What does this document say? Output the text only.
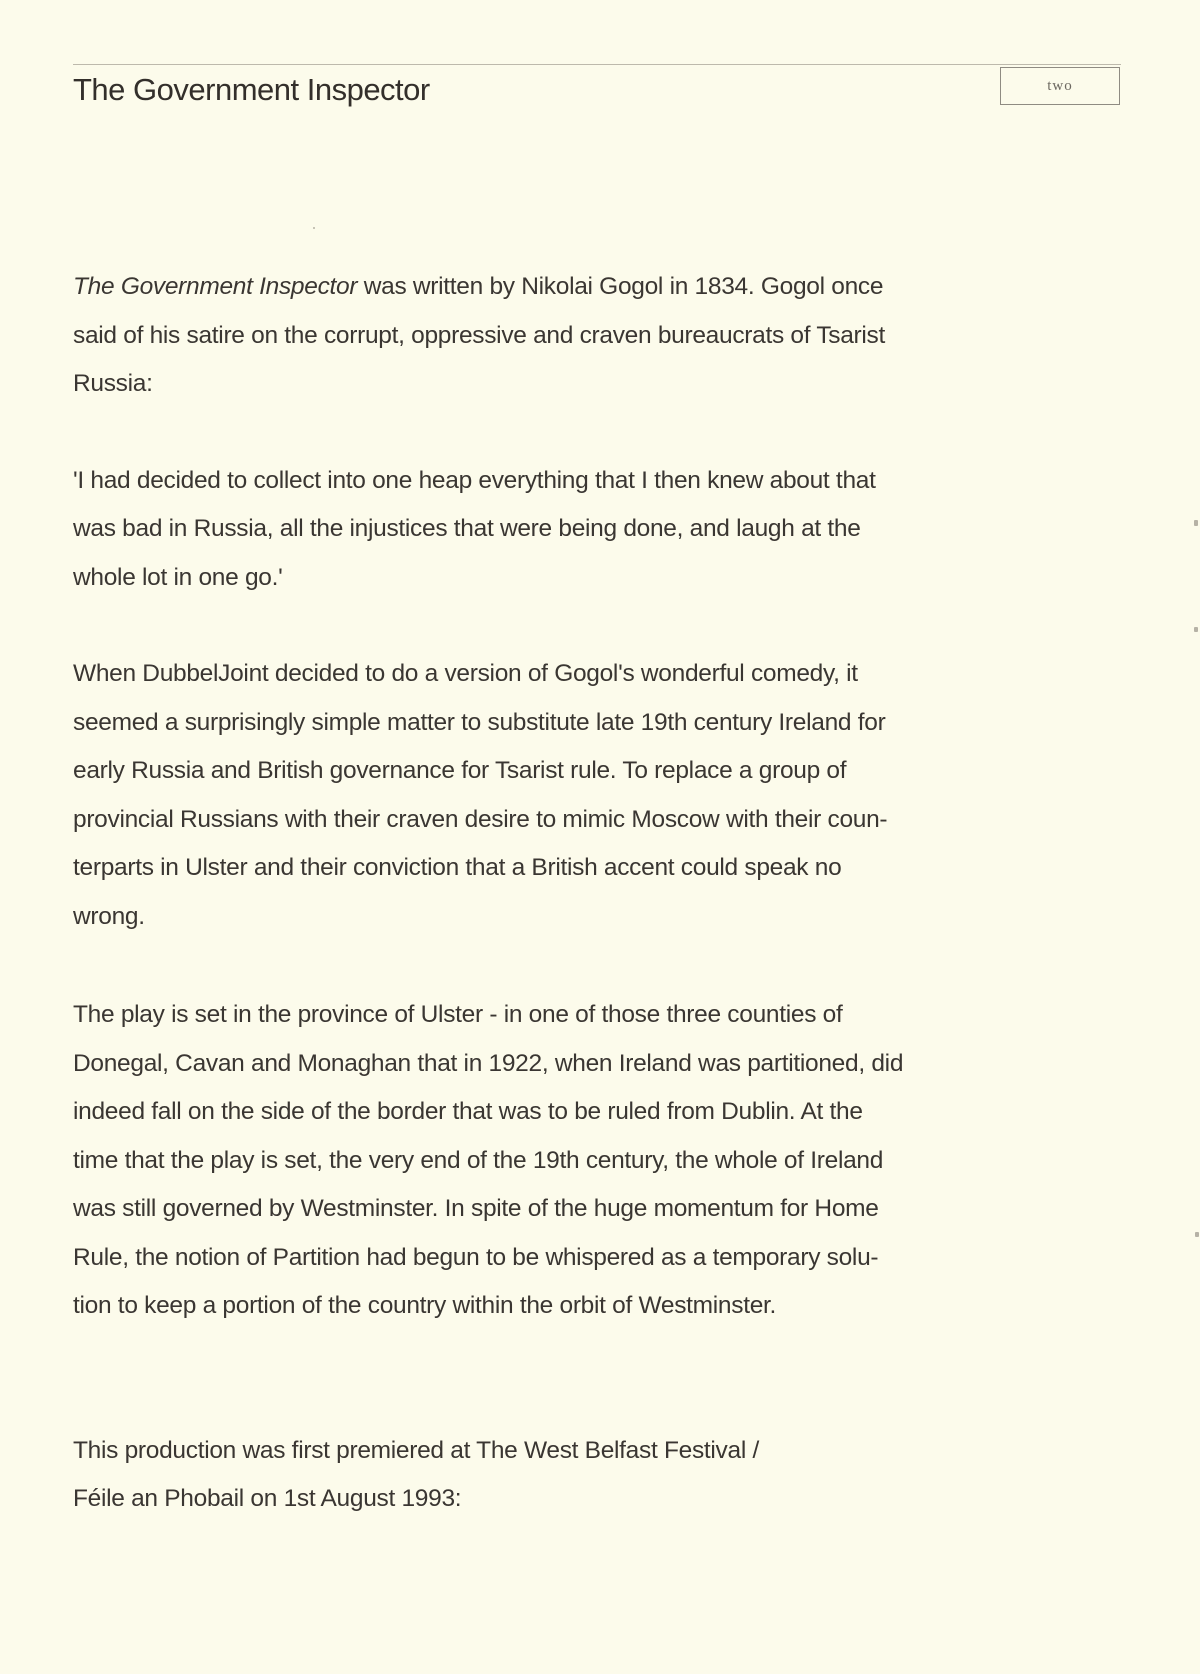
The Government Inspector	two

The Government Inspector was written by Nikolai Gogol in 1834. Gogol once
said of his satire on the corrupt, oppressive and craven bureaucrats of Tsarist
Russia:

'I had decided to collect into one heap everything that I then knew about that
was bad in Russia, all the injustices that were being done, and laugh at the
whole lot in one go.'

When DubbelJoint decided to do a version of Gogol's wonderful comedy, it
seemed a surprisingly simple matter to substitute late 19th century Ireland for
early Russia and British governance for Tsarist rule. To replace a group of
provincial Russians with their craven desire to mimic Moscow with their coun-
terparts in Ulster and their conviction that a British accent could speak no
wrong.

The play is set in the province of Ulster - in one of those three counties of
Donegal, Cavan and Monaghan that in 1922, when Ireland was partitioned, did
indeed fall on the side of the border that was to be ruled from Dublin. At the
time that the play is set, the very end of the 19th century, the whole of Ireland
was still governed by Westminster. In spite of the huge momentum for Home
Rule, the notion of Partition had begun to be whispered as a temporary solu-
tion to keep a portion of the country within the orbit of Westminster.

This production was first premiered at The West Belfast Festival /
Féile an Phobail on 1st August 1993:
